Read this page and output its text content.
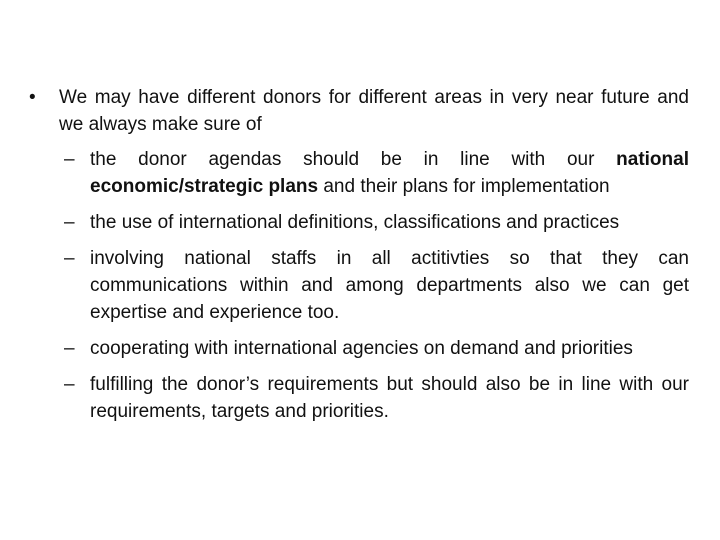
•	We may have different donors for different areas in very near future and we always make sure of
– the donor agendas should be in line with our national economic/strategic plans and their plans for implementation
– the use of international definitions, classifications and practices
– involving national staffs in all actitivties so that they can communications within and among departments also we can get expertise and experience too.
– cooperating with international agencies on demand and priorities
– fulfilling the donor’s requirements but should also be in line with our requirements, targets and priorities.
